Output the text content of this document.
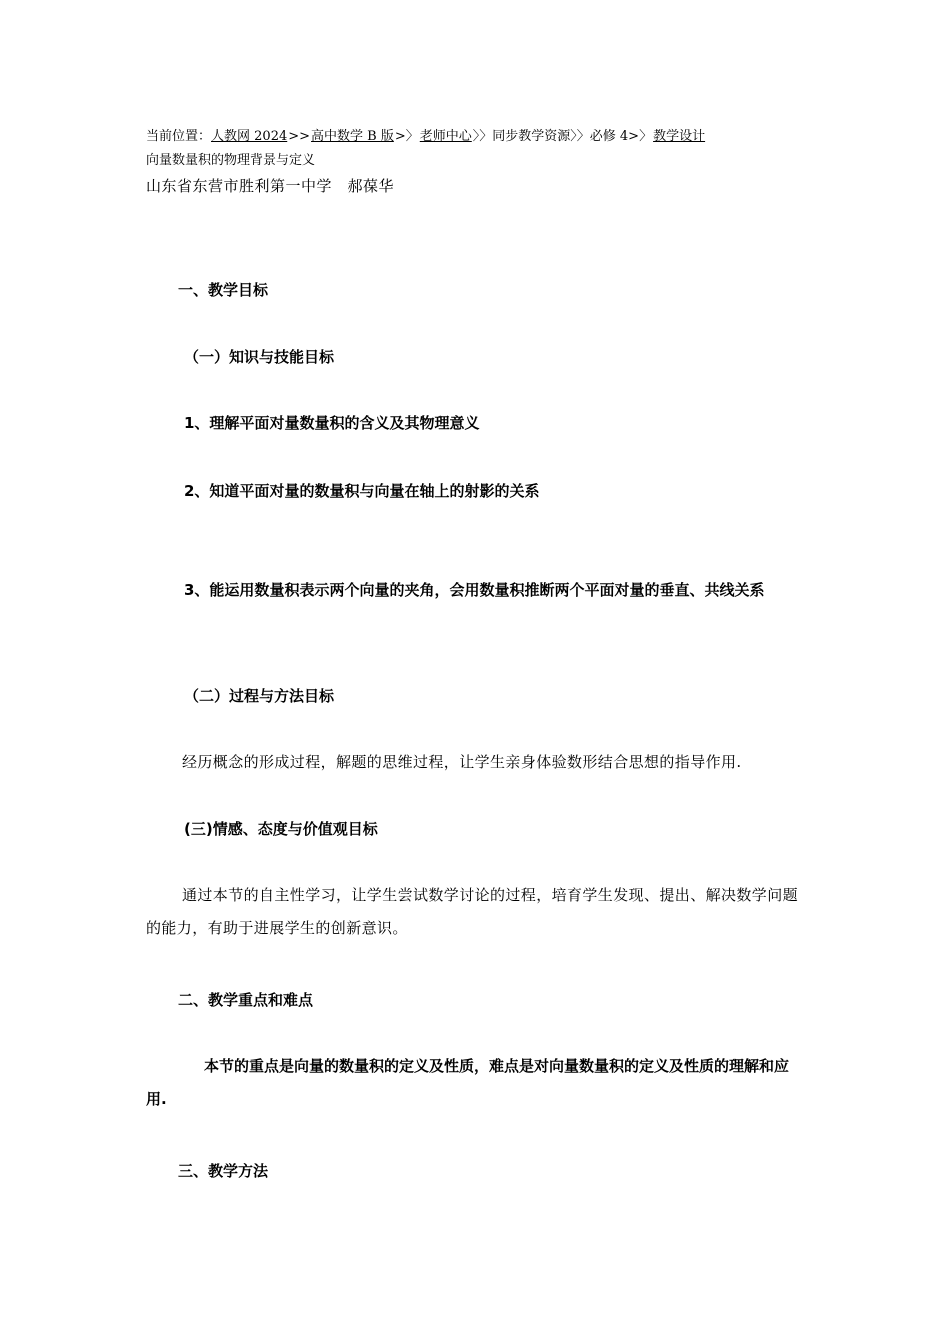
当前位置：人教网 2024>>高中数学 B 版>〉老师中心〉〉同步教学资源〉〉必修 4>〉教学设计
向量数量积的物理背景与定义
山东省东营市胜利第一中学　郝葆华
一、教学目标
（一）知识与技能目标
1、理解平面对量数量积的含义及其物理意义
2、知道平面对量的数量积与向量在轴上的射影的关系
3、能运用数量积表示两个向量的夹角，会用数量积推断两个平面对量的垂直、共线关系
（二）过程与方法目标
经历概念的形成过程，解题的思维过程，让学生亲身体验数形结合思想的指导作用.
(三)情感、态度与价值观目标
通过本节的自主性学习，让学生尝试数学讨论的过程，培育学生发现、提出、解决数学问题的能力，有助于进展学生的创新意识。
二、教学重点和难点
本节的重点是向量的数量积的定义及性质，难点是对向量数量积的定义及性质的理解和应用.
三、教学方法
